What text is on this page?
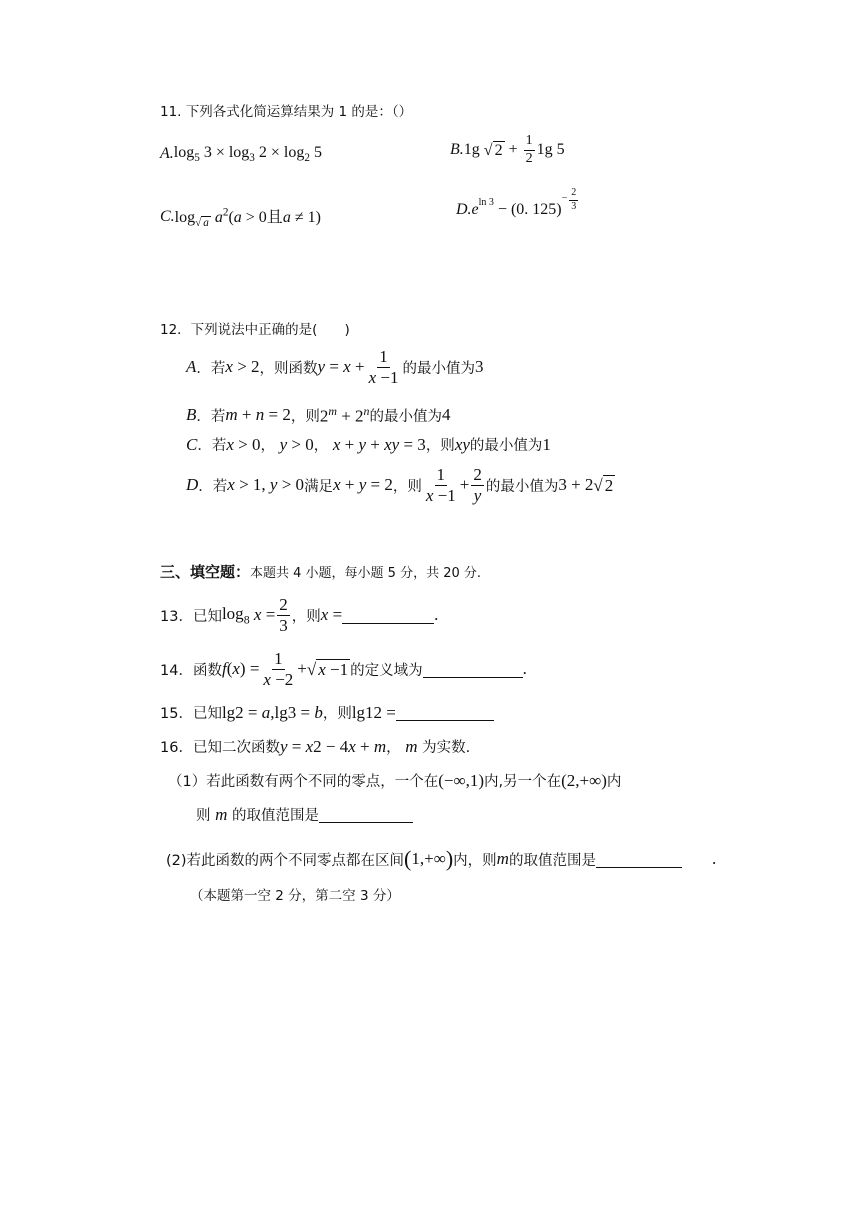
11. 下列各式化简运算结果为 1 的是：（）
A. $\log_5 3 \times \log_3 2 \times \log_2 5$	B. 1g √ $2 + \frac{1}{2} 1g$ 5
C. $\log_{√ a} a^2(a > 0$且a ≠ 1)	D.e ln 3 − (0. 125)
− $\frac{2}{3}$
12．下列说法中正确的是(　　)
A ．若 x > 2 ，则函数 $y = x + \frac{1}{x -1}$ 的最小值为 3
B ．若 m + n = 2 ，则 $2^m + 2^n$ 的最小值为 4
C ．若 x > 0 ， y > 0 ， x + y + xy = 3 ，则 xy 的最小值为 1
D ．若 x > 1, y > 0 满足 x + y = 2 ，则 $\frac{1}{x -1} + \frac{2}{y}$ 的最小值为 3 + 2 √ 2
三、填空题： 本题共 4 小题，每小题 5 分，共 20 分.
13．已知 $\log_8 x = \frac{2}{3}$ ，则 x =	.
14．函数 f ( x ) = $\frac{1}{x -2}$ + √ x −1 的定义域为	.
15．已知 lg2 = a ,lg3 = b ，则 lg12 =
16．已知二次函数 y = x 2 − 4 x + m ， m 为实数.
（1）若此函数有两个不同的零点，一个在 (−∞,1) 内,另一个在 (2,+∞) 内
则 m 的取值范围是
(2)若此函数的两个不同零点都在区间 ( 1,+∞ ) 内，则 m 的取值范围是	.
（本题第一空 2 分，第二空 3 分）
